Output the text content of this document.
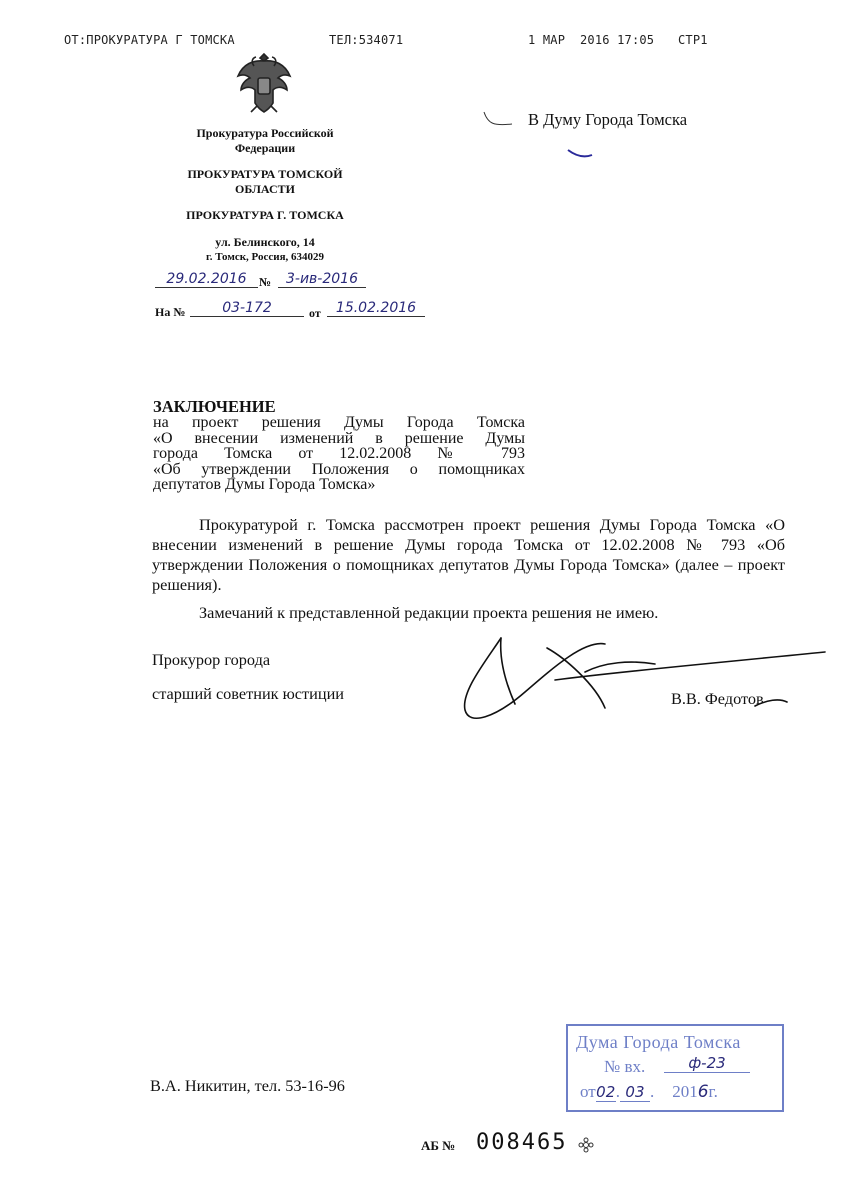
ОТ:ПРОКУРАТУРА Г ТОМСКА	ТЕЛ:534071	1 МАР  2016 17:05 СТР1
Прокуратура Российской Федерации
ПРОКУРАТУРА ТОМСКОЙ ОБЛАСТИ
ПРОКУРАТУРА Г. ТОМСКА
ул. Белинского, 14
г. Томск, Россия, 634029
29.02.2016	№	3-ив-2016
На №	03-172	от	15.02.2016
В Думу Города Томска
ЗАКЛЮЧЕНИЕ
на проект решения Думы Города Томска
«О внесении изменений в решение Думы
города Томска от 12.02.2008 № 793
«Об утверждении Положения о помощниках
депутатов Думы Города Томска»
Прокуратурой г. Томска рассмотрен проект решения Думы Города Томска «О внесении изменений в решение Думы города Томска от 12.02.2008 № 793 «Об утверждении Положения о помощниках депутатов Думы Города Томска» (далее – проект решения).
Замечаний к представленной редакции проекта решения не имею.
Прокурор города
старший советник юстиции	В.В. Федотов
В.А. Никитин, тел. 53-16-96
Дума Города Томска
№ вх.	ф-23
от02. 03 . 2016г.
АБ № 008465
